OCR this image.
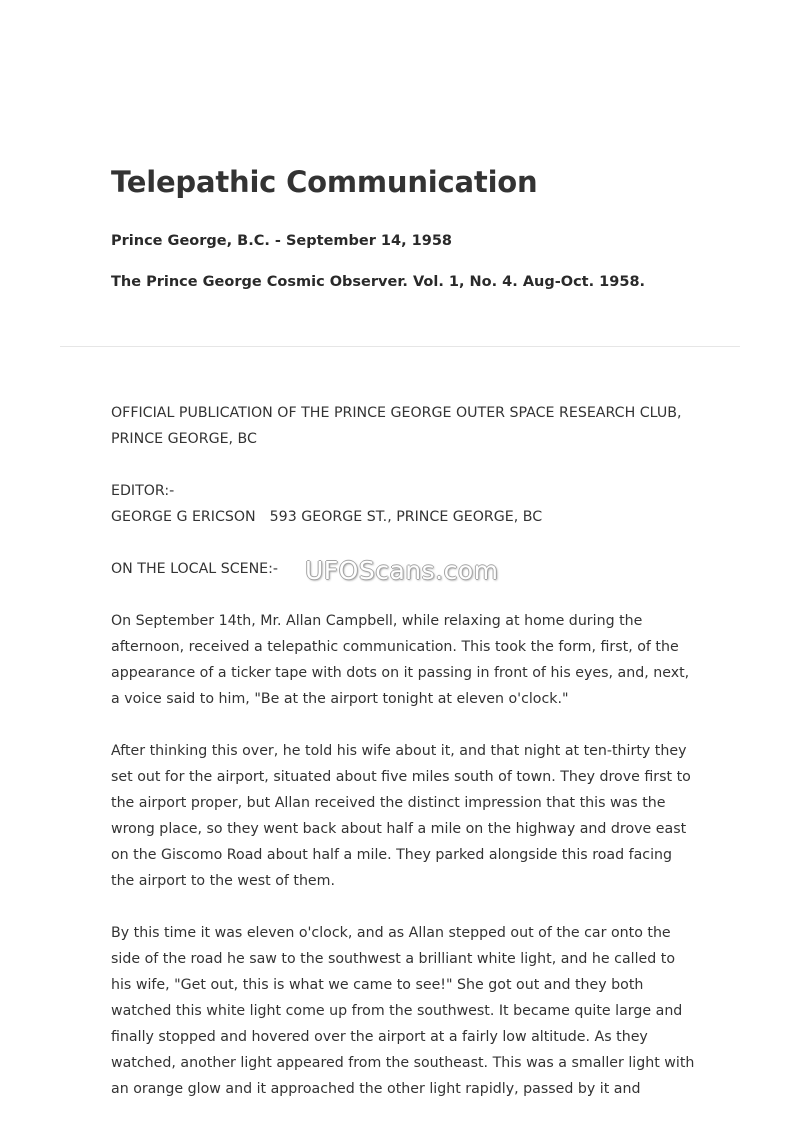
Telepathic Communication

Prince George, B.C. - September 14, 1958

The Prince George Cosmic Observer. Vol. 1, No. 4. Aug-Oct. 1958.

OFFICIAL PUBLICATION OF THE PRINCE GEORGE OUTER SPACE RESEARCH CLUB,
PRINCE GEORGE, BC

EDITOR:-
GEORGE G ERICSON 593 GEORGE ST., PRINCE GEORGE, BC

ON THE LOCAL SCENE:-

On September 14th, Mr. Allan Campbell, while relaxing at home during the
afternoon, received a telepathic communication. This took the form, first, of the
appearance of a ticker tape with dots on it passing in front of his eyes, and, next,
a voice said to him, "Be at the airport tonight at eleven o'clock."

After thinking this over, he told his wife about it, and that night at ten-thirty they
set out for the airport, situated about five miles south of town. They drove first to
the airport proper, but Allan received the distinct impression that this was the
wrong place, so they went back about half a mile on the highway and drove east
on the Giscomo Road about half a mile. They parked alongside this road facing
the airport to the west of them.

By this time it was eleven o'clock, and as Allan stepped out of the car onto the
side of the road he saw to the southwest a brilliant white light, and he called to
his wife, "Get out, this is what we came to see!" She got out and they both
watched this white light come up from the southwest. It became quite large and
finally stopped and hovered over the airport at a fairly low altitude. As they
watched, another light appeared from the southeast. This was a smaller light with
an orange glow and it approached the other light rapidly, passed by it and

UFOScans.com
